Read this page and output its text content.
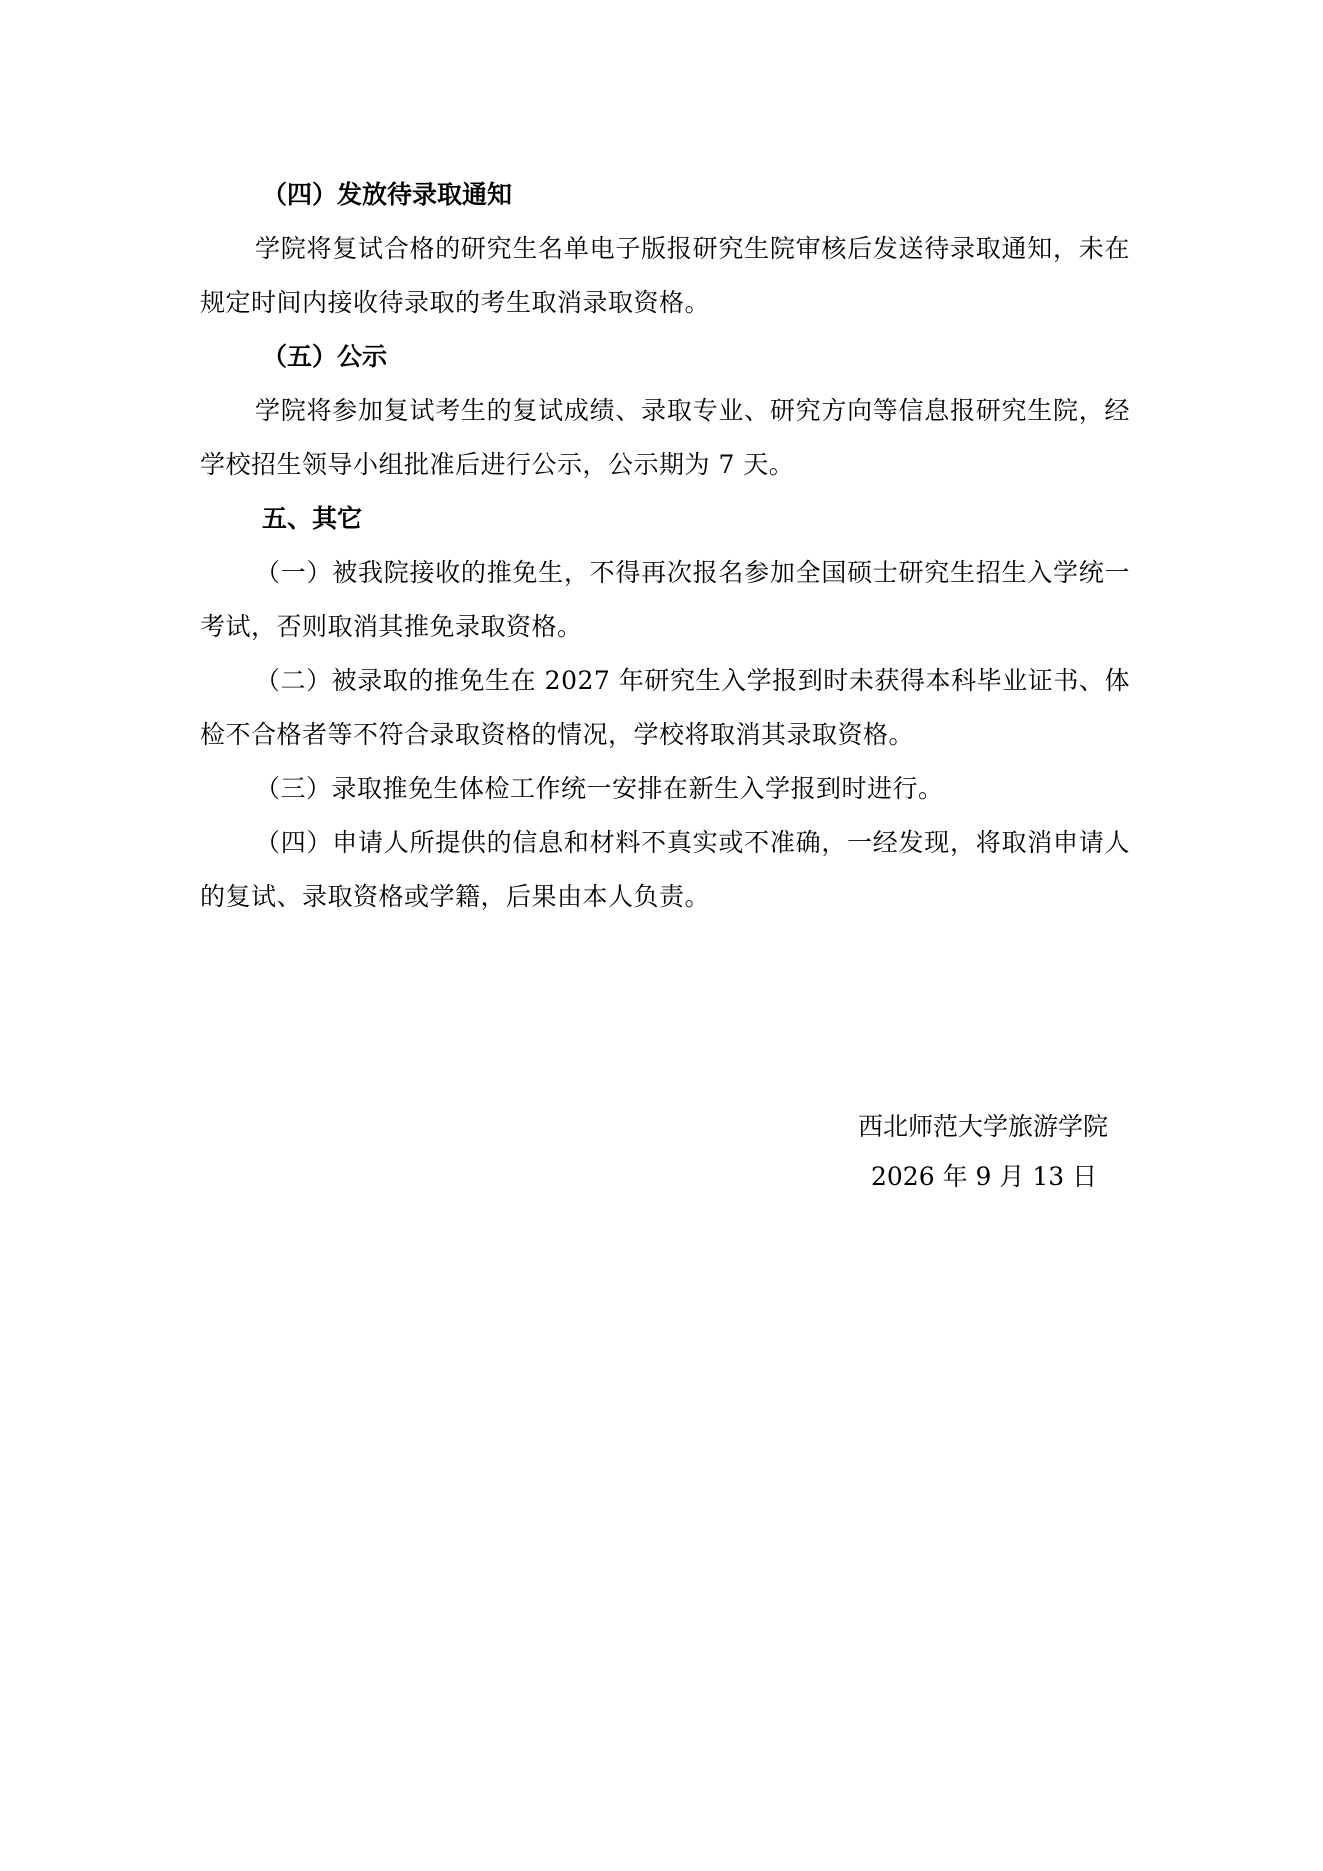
（四）发放待录取通知

学院将复试合格的研究生名单电子版报研究生院审核后发送待录取通知，未在规定时间内接收待录取的考生取消录取资格。

（五）公示

学院将参加复试考生的复试成绩、录取专业、研究方向等信息报研究生院，经学校招生领导小组批准后进行公示，公示期为 7 天。

五、其它

（一）被我院接收的推免生，不得再次报名参加全国硕士研究生招生入学统一考试，否则取消其推免录取资格。

（二）被录取的推免生在 2027 年研究生入学报到时未获得本科毕业证书、体检不合格者等不符合录取资格的情况，学校将取消其录取资格。

（三）录取推免生体检工作统一安排在新生入学报到时进行。

（四）申请人所提供的信息和材料不真实或不准确，一经发现，将取消申请人的复试、录取资格或学籍，后果由本人负责。

西北师范大学旅游学院
2026 年 9 月 13 日
